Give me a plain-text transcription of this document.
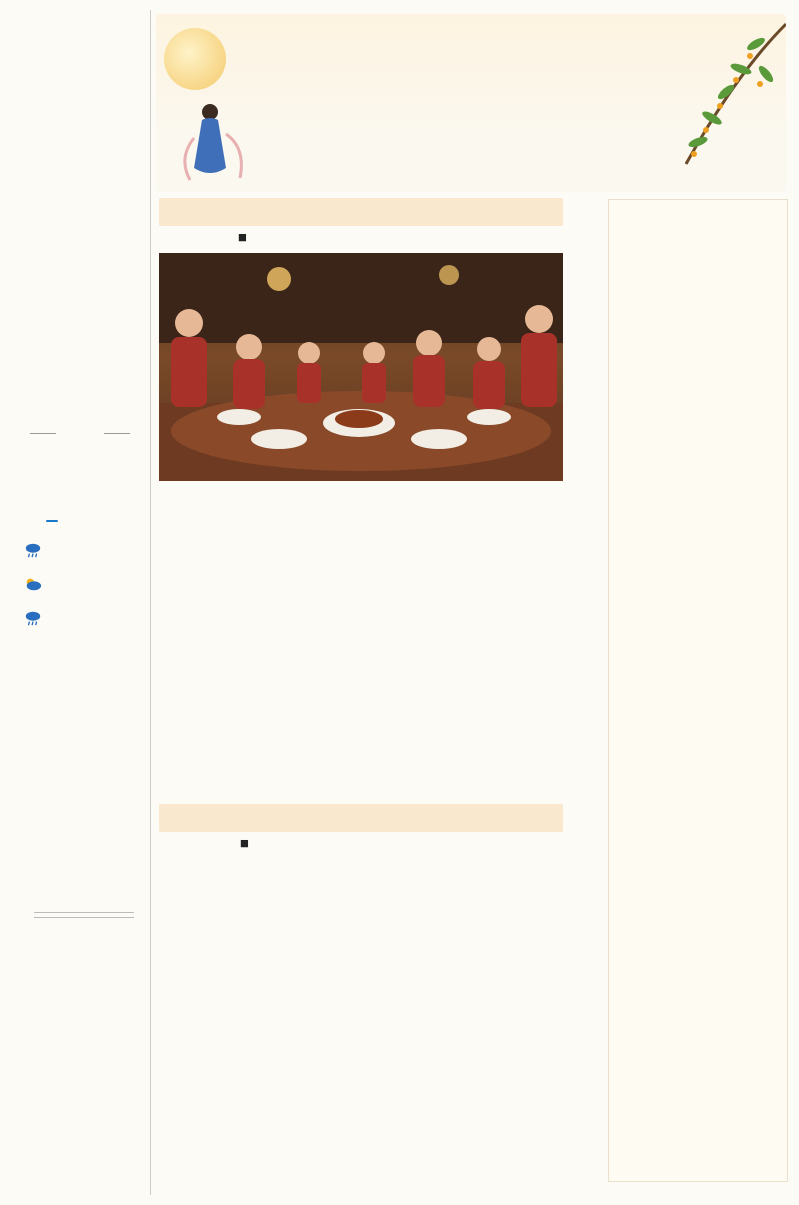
■
■
